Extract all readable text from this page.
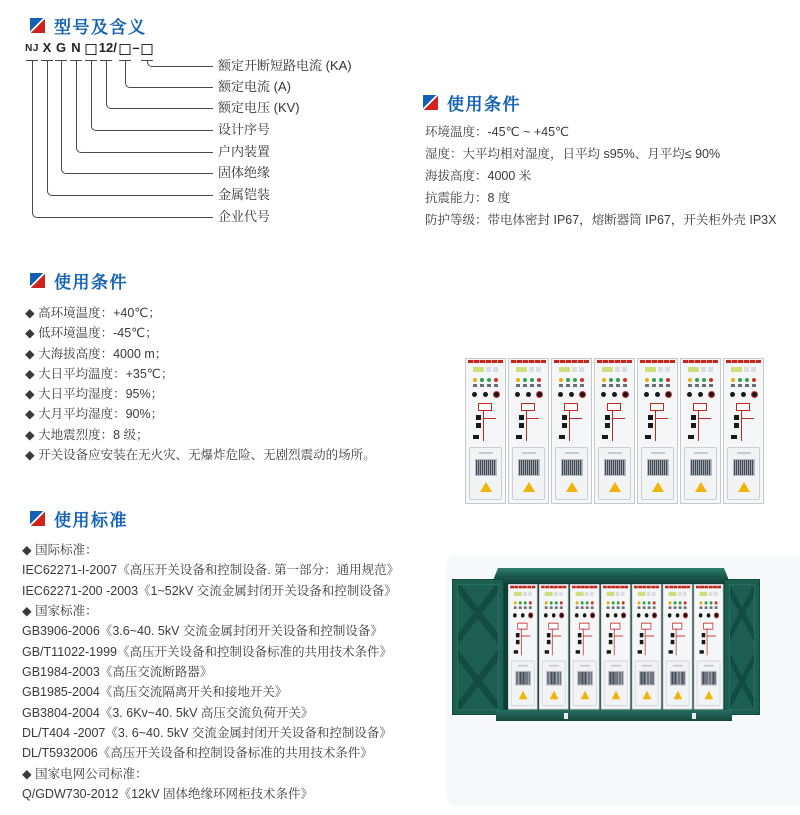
型号及含义
NJ X G N 12 / –
额定开断短路电流 (KA)
额定电流 (A)
额定电压 (KV)
设计序号
户内装置
固体绝缘
金属铠装
企业代号
使用条件
环境温度：-45℃ ~ +45℃
湿度：大平均相对湿度，日平均 s95%、月平均≤ 90%
海拔高度：4000 米
抗震能力：8 度
防护等级：带电体密封 IP67，熔断器筒 IP67，开关柜外壳 IP3X
使用条件
◆ 高环境温度：+40℃；
◆ 低环境温度：-45℃；
◆ 大海拔高度：4000 m；
◆ 大日平均温度：+35℃；
◆ 大日平均湿度：95%；
◆ 大月平均湿度：90%；
◆ 大地震烈度：8 级；
◆ 开关设备应安装在无火灾、无爆炸危险、无剧烈震动的场所。
使用标准
◆ 国际标准：
IEC62271-I-2007《高压开关设备和控制设备. 第一部分：通用规范》
IEC62271-200 -2003《1~52kV 交流金属封闭开关设备和控制设备》
◆ 国家标准：
GB3906-2006《3.6~40. 5kV 交流金属封闭开关设备和控制设备》
GB/T11022-1999《高压开关设备和控制设备标准的共用技术条件》
GB1984-2003《高压交流断路器》
GB1985-2004《高压交流隔离开关和接地开关》
GB3804-2004《3. 6Kv~40. 5kV 高压交流负荷开关》
DL/T404 -2007《3. 6~40. 5kV 交流金属封闭开关设备和控制设备》
DL/T5932006《高压开关设备和控制设备标准的共用技术条件》
◆ 国家电网公司标准：
Q/GDW730-2012《12kV 固体绝缘环网柜技术条件》
